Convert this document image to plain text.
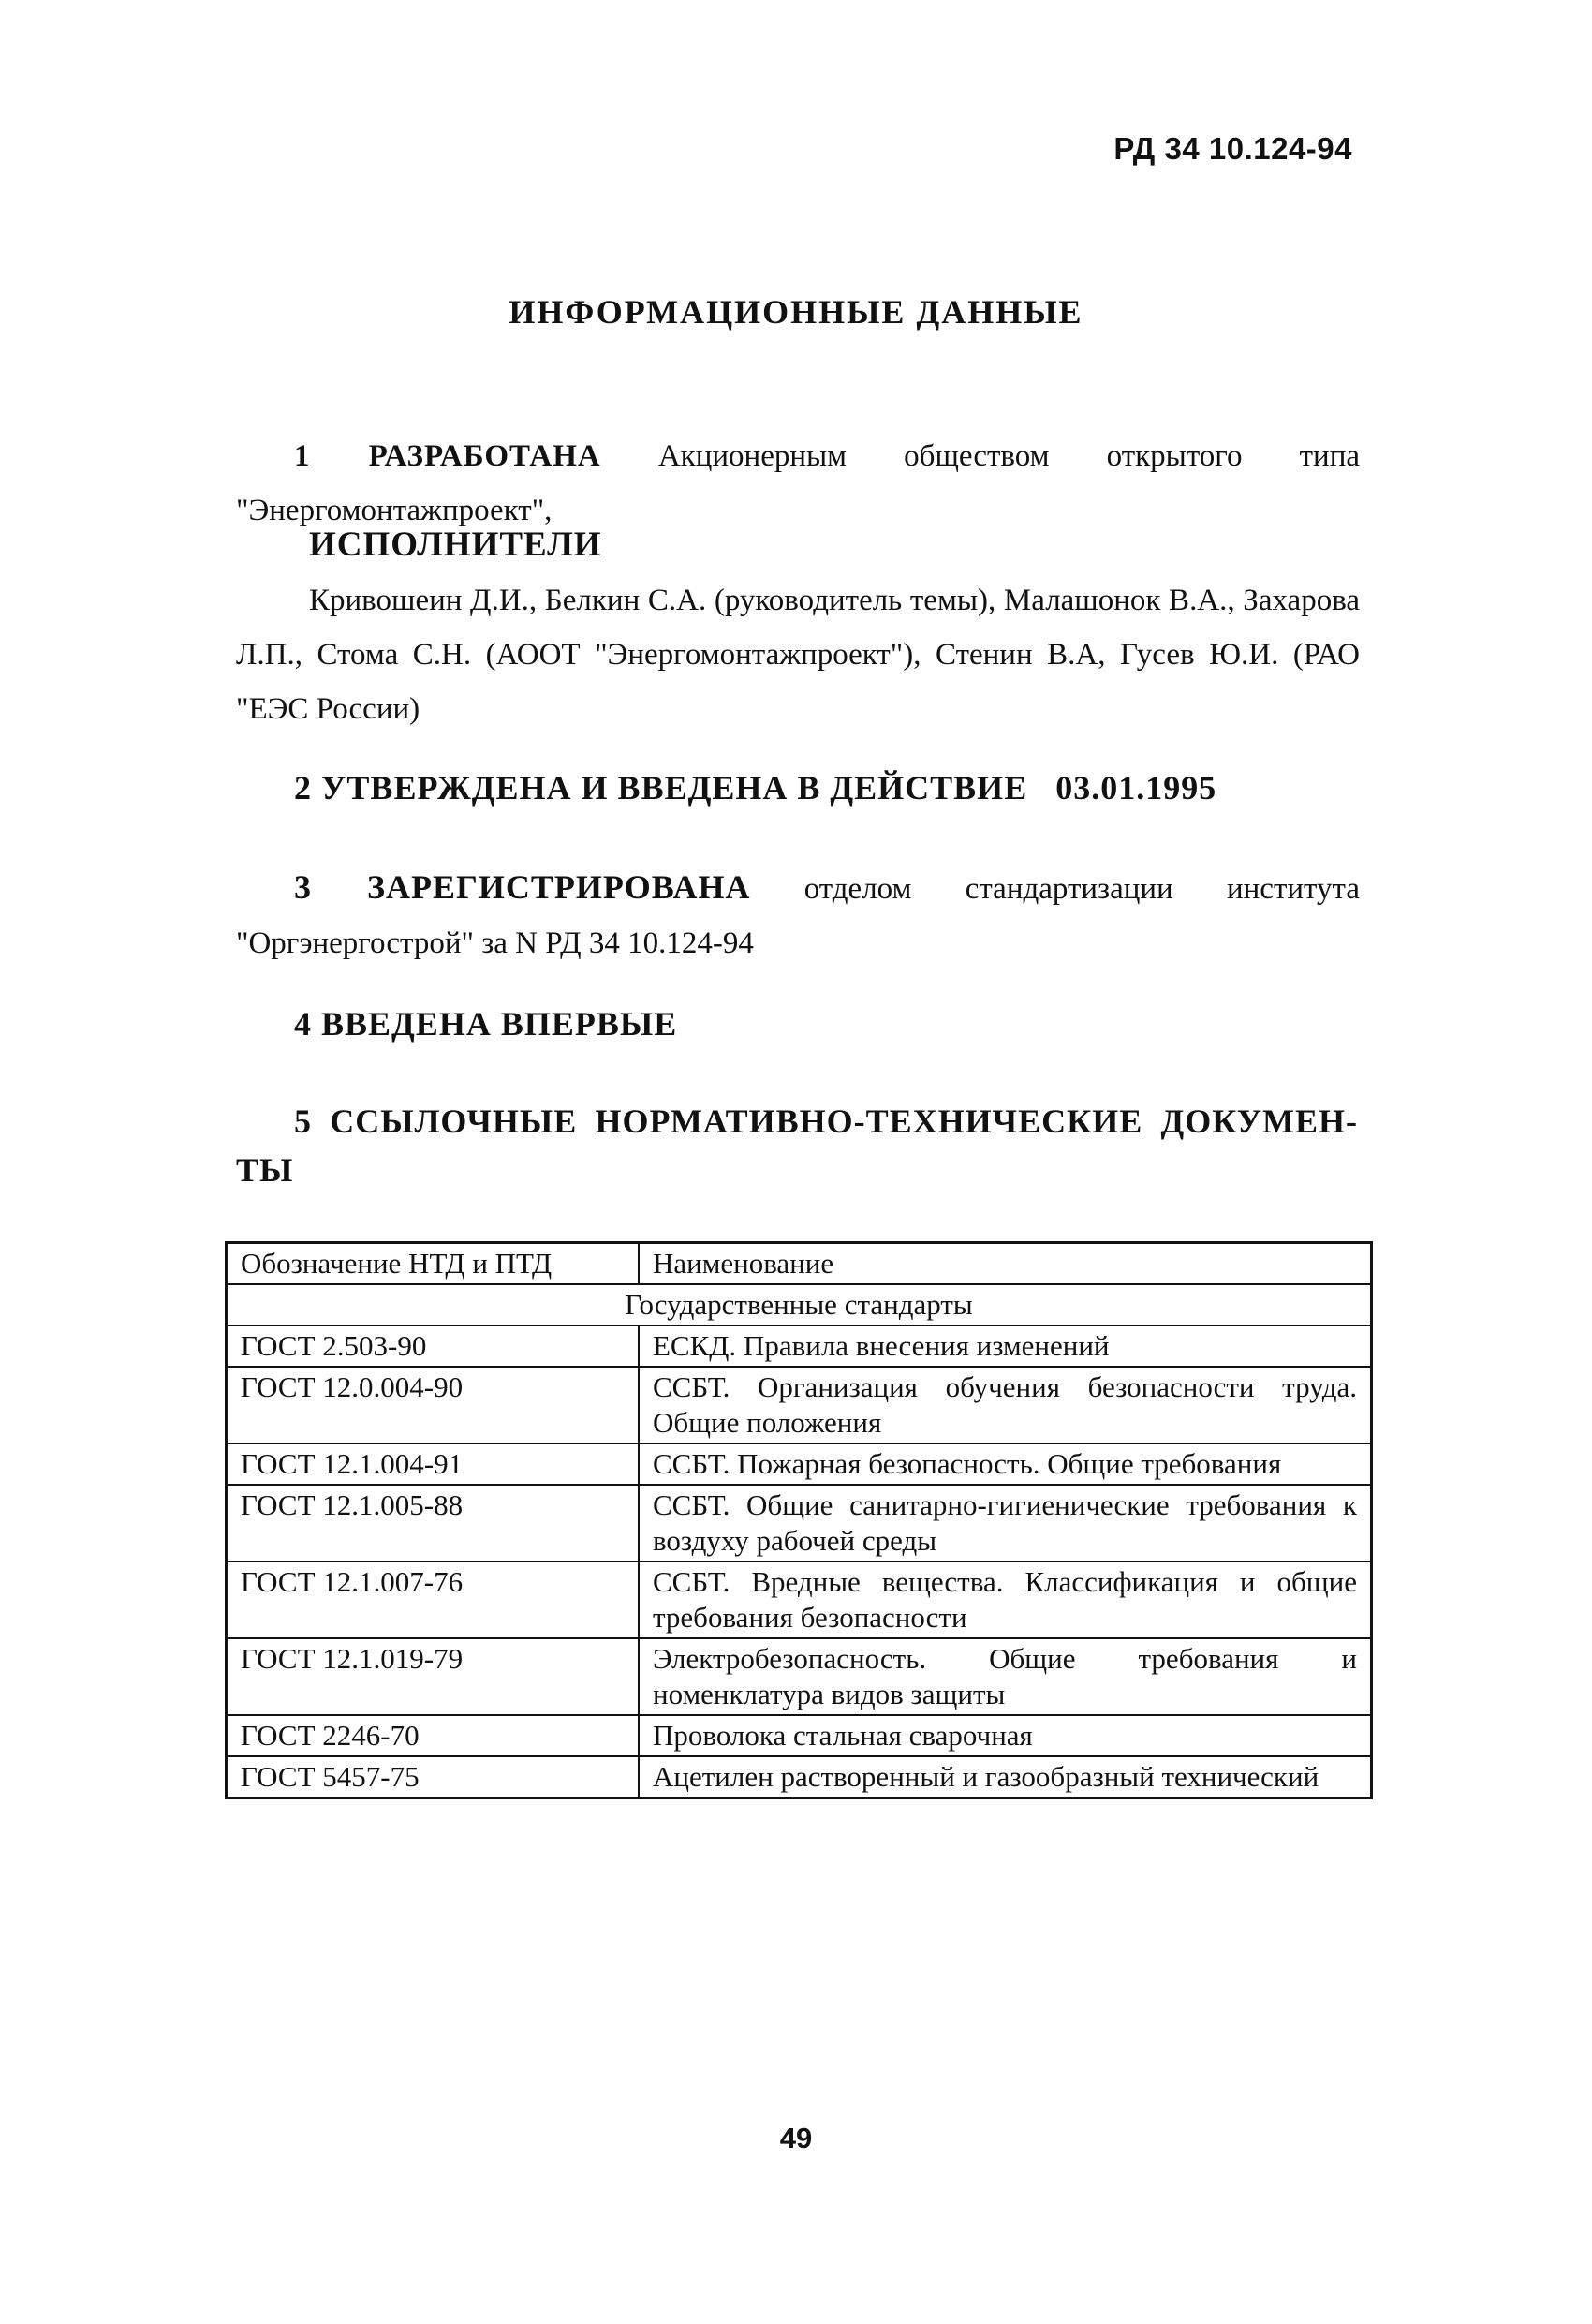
РД 34 10.124-94
ИНФОРМАЦИОННЫЕ ДАННЫЕ
1 РАЗРАБОТАНА Акционерным обществом открытого типа "Энергомонтажпроект",
ИСПОЛНИТЕЛИ
Кривошеин Д.И., Белкин С.А. (руководитель темы), Малашонок В.А., Захарова Л.П., Стома С.Н. (АООТ "Энергомонтажпроект"), Стенин В.А, Гусев Ю.И. (РАО "ЕЭС России)
2 УТВЕРЖДЕНА И ВВЕДЕНА В ДЕЙСТВИЕ 03.01.1995
3 ЗАРЕГИСТРИРОВАНА отделом стандартизации института "Оргэнергострой" за N РД 34 10.124-94
4 ВВЕДЕНА ВПЕРВЫЕ
5 ССЫЛОЧНЫЕ НОРМАТИВНО-ТЕХНИЧЕСКИЕ ДОКУМЕН-
ТЫ
Обозначение НТД и ПТД	Наименование
Государственные стандарты	
ГОСТ 2.503-90	ЕСКД. Правила внесения изменений
ГОСТ 12.0.004-90	ССБТ. Организация обучения безопасности труда. Общие положения
ГОСТ 12.1.004-91	ССБТ. Пожарная безопасность. Общие требования
ГОСТ 12.1.005-88	ССБТ. Общие санитарно-гигиенические требования к воздуху рабочей среды
ГОСТ 12.1.007-76	ССБТ. Вредные вещества. Классификация и общие требования безопасности
ГОСТ 12.1.019-79	Электробезопасность. Общие требования и номенклатура видов защиты
ГОСТ 2246-70	Проволока стальная сварочная
ГОСТ 5457-75	Ацетилен растворенный и газообразный технический
49
